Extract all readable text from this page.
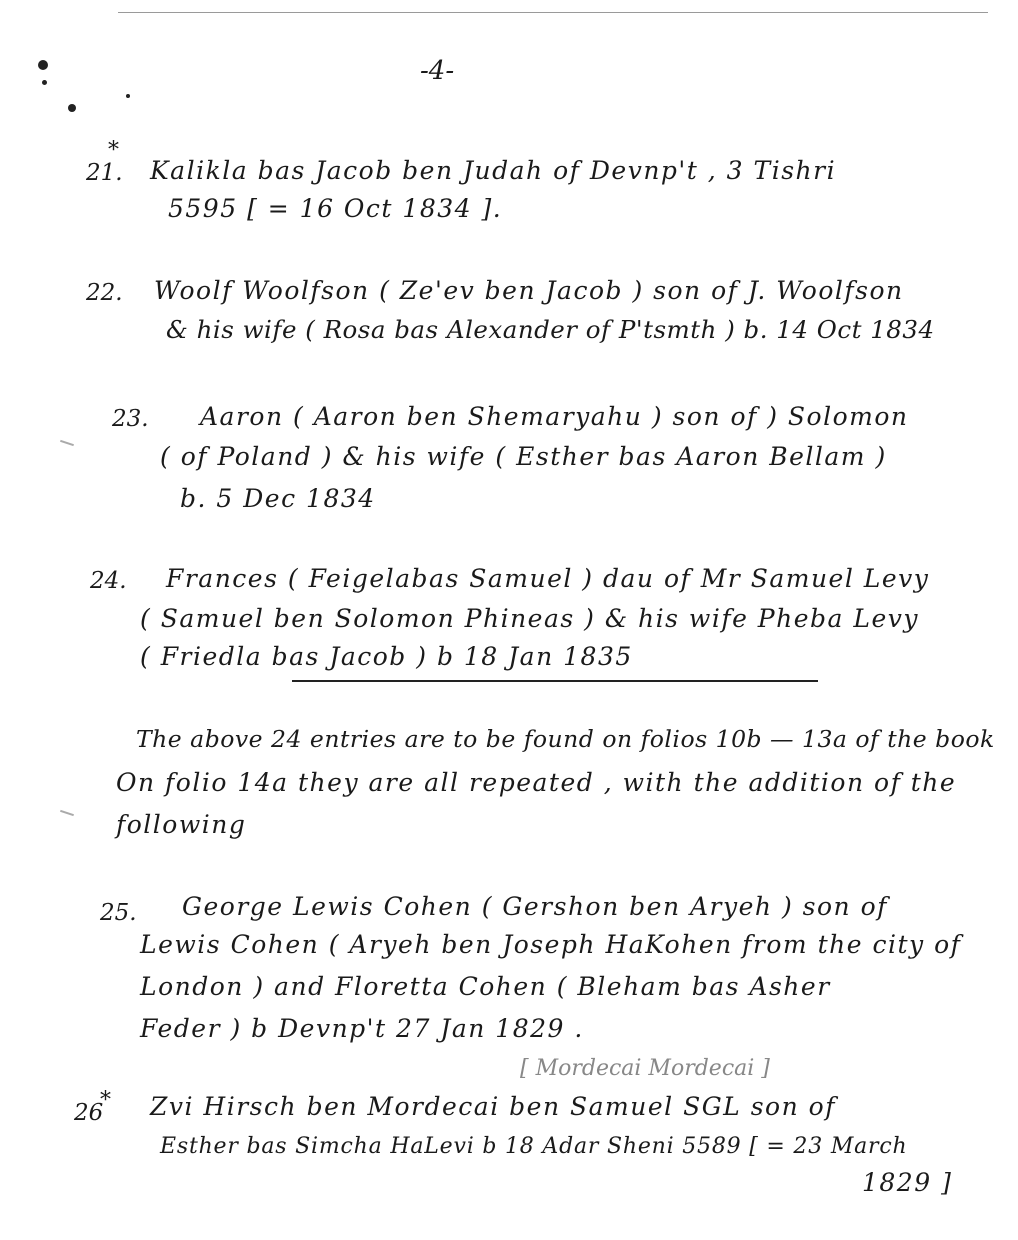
-4-
21.
*
Kalikla bas Jacob ben Judah of Devnp't , 3 Tishri
5595 [ = 16 Oct 1834 ].
22. Woolf Woolfson ( Ze'ev ben Jacob ) son of J. Woolfson
& his wife ( Rosa bas Alexander of P'tsmth ) b. 14 Oct 1834
23. Aaron ( Aaron ben Shemaryahu ) son of ) Solomon
( of Poland ) & his wife ( Esther bas Aaron Bellam )
b. 5 Dec 1834
24. Frances ( Feigelabas Samuel ) dau of Mr Samuel Levy
( Samuel ben Solomon Phineas ) & his wife Pheba Levy
( Friedla bas Jacob ) b 18 Jan 1835
The above 24 entries are to be found on folios 10b — 13a of the book
On folio 14a they are all repeated , with the addition of the
following
25. George Lewis Cohen ( Gershon ben Aryeh ) son of
Lewis Cohen ( Aryeh ben Joseph HaKohen from the city of
London ) and Floretta Cohen ( Bleham bas Asher
Feder ) b Devnp't 27 Jan 1829 .
[ Mordecai Mordecai ]
26
* Zvi Hirsch ben Mordecai ben Samuel SGL son of
Esther bas Simcha HaLevi b 18 Adar Sheni 5589 [ = 23 March
1829 ]
